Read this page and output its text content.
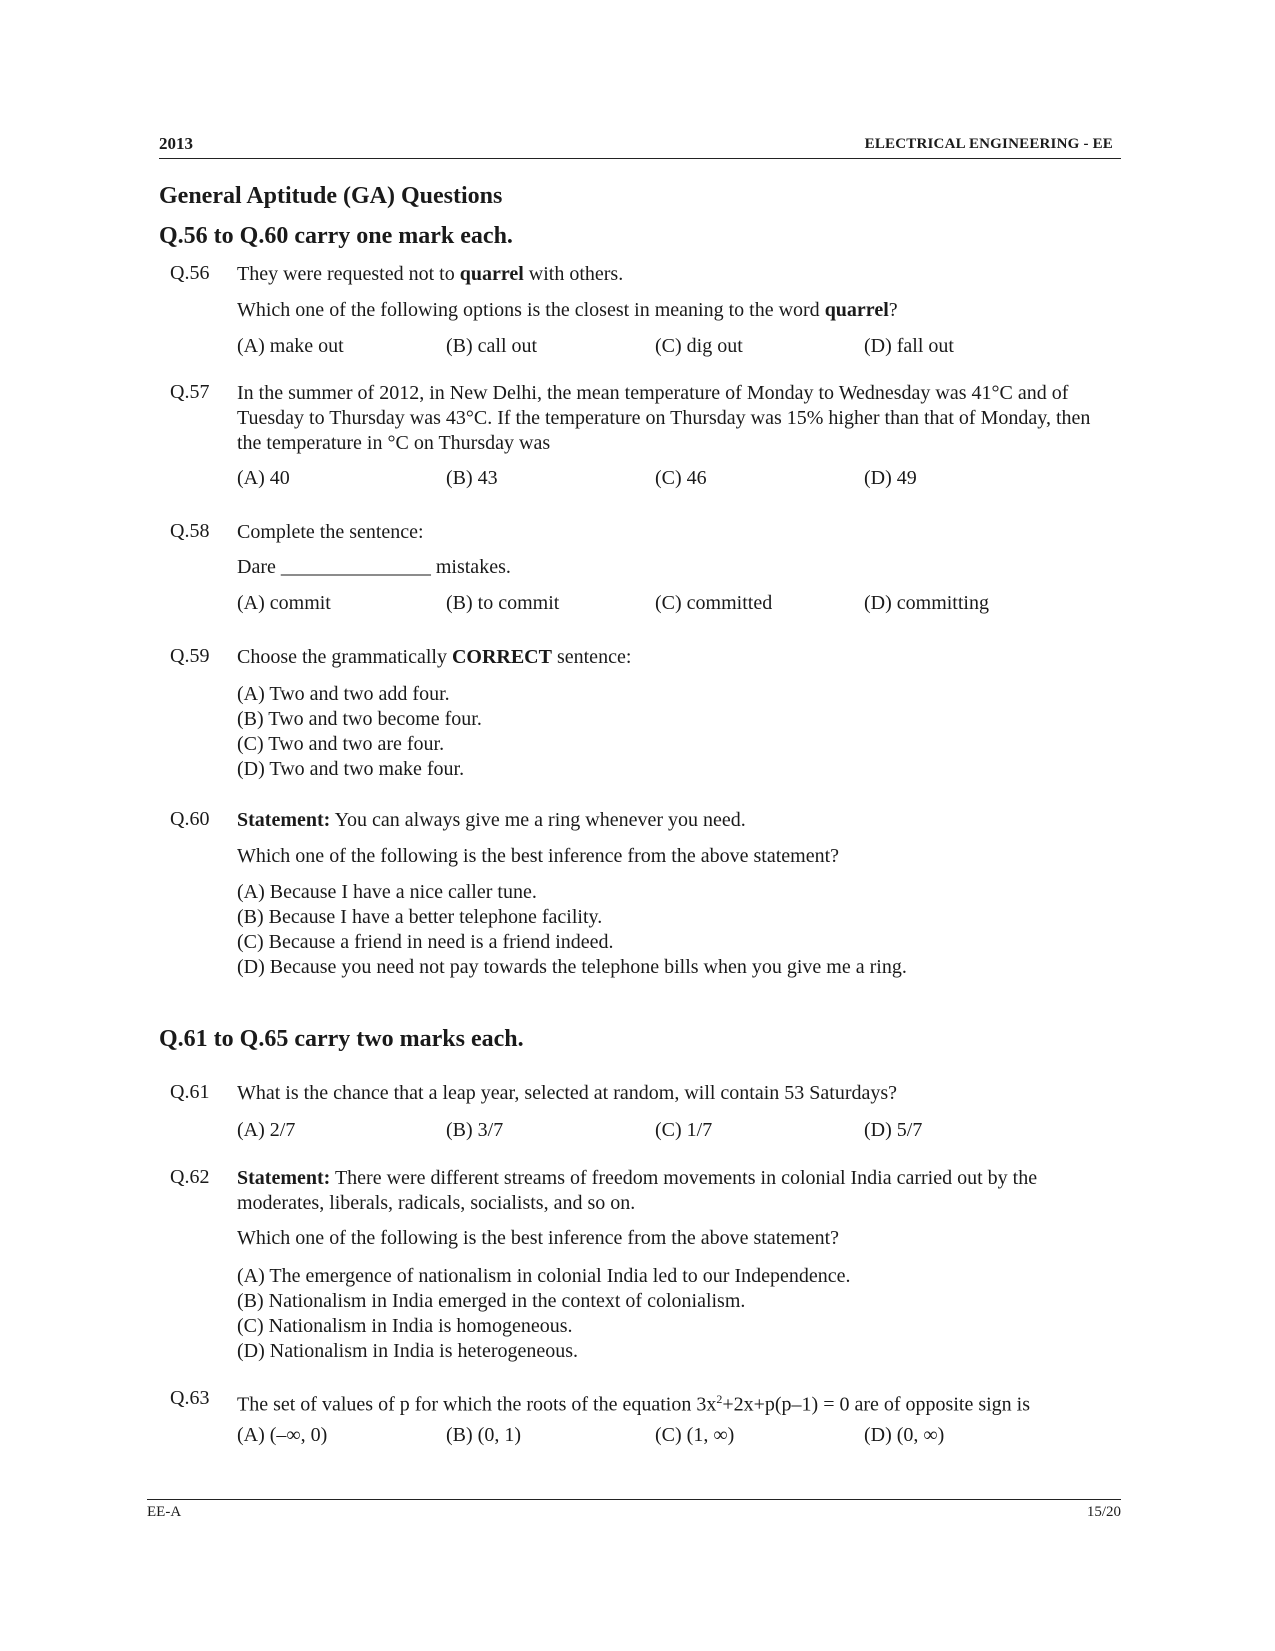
2013	ELECTRICAL ENGINEERING - EE
General Aptitude (GA) Questions
Q.56 to Q.60 carry one mark each.
Q.56 They were requested not to quarrel with others.
Which one of the following options is the closest in meaning to the word quarrel?
(A) make out	(B) call out	(C) dig out	(D) fall out
Q.57 In the summer of 2012, in New Delhi, the mean temperature of Monday to Wednesday was 41°C and of Tuesday to Thursday was 43°C. If the temperature on Thursday was 15% higher than that of Monday, then the temperature in °C on Thursday was
(A) 40	(B) 43	(C) 46	(D) 49
Q.58 Complete the sentence:
Dare _______________ mistakes.
(A) commit	(B) to commit	(C) committed	(D) committing
Q.59 Choose the grammatically CORRECT sentence:
(A) Two and two add four.
(B) Two and two become four.
(C) Two and two are four.
(D) Two and two make four.
Q.60 Statement: You can always give me a ring whenever you need.
Which one of the following is the best inference from the above statement?
(A) Because I have a nice caller tune.
(B) Because I have a better telephone facility.
(C) Because a friend in need is a friend indeed.
(D) Because you need not pay towards the telephone bills when you give me a ring.
Q.61 to Q.65 carry two marks each.
Q.61 What is the chance that a leap year, selected at random, will contain 53 Saturdays?
(A) 2/7	(B) 3/7	(C) 1/7	(D) 5/7
Q.62 Statement: There were different streams of freedom movements in colonial India carried out by the moderates, liberals, radicals, socialists, and so on.
Which one of the following is the best inference from the above statement?
(A) The emergence of nationalism in colonial India led to our Independence.
(B) Nationalism in India emerged in the context of colonialism.
(C) Nationalism in India is homogeneous.
(D) Nationalism in India is heterogeneous.
Q.63 The set of values of p for which the roots of the equation $3x^2+2x+p(p-1) = 0$ are of opposite sign is
(A) (–∞, 0)	(B) (0, 1)	(C) (1, ∞)	(D) (0, ∞)
EE-A	15/20
